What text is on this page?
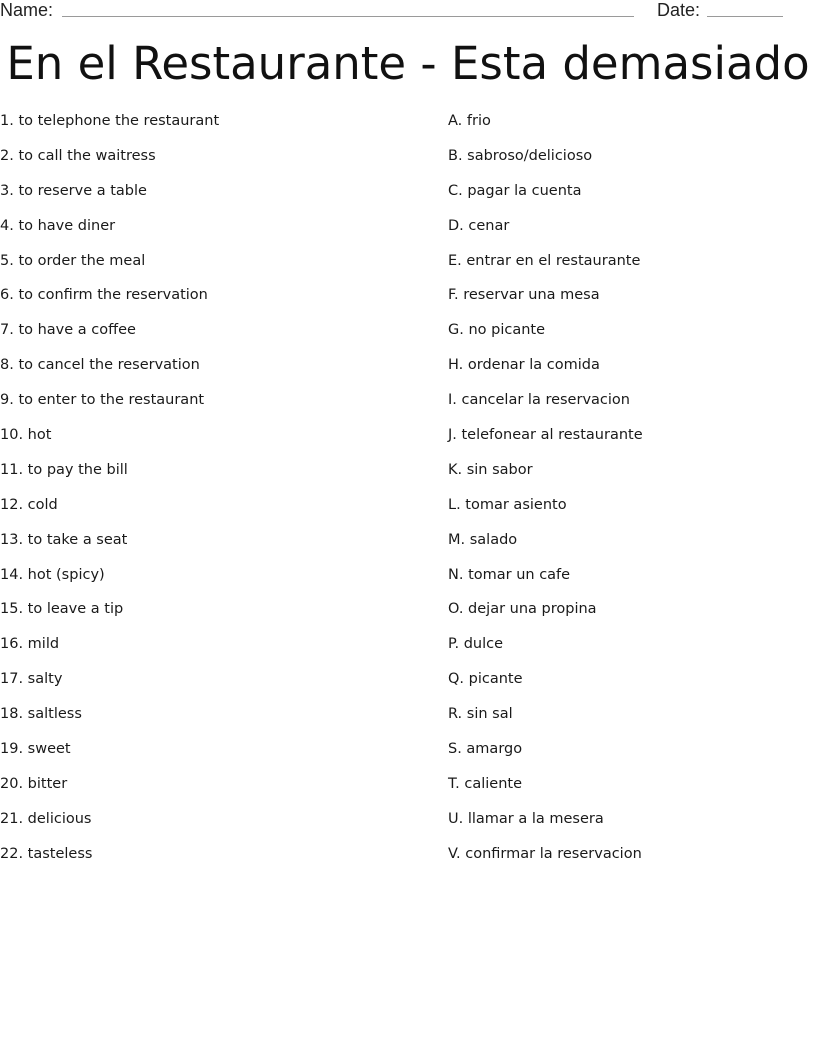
Name:	Date:
En el Restaurante - Esta demasiado
1. to telephone the restaurant
2. to call the waitress
3. to reserve a table
4. to have diner
5. to order the meal
6. to confirm the reservation
7. to have a coffee
8. to cancel the reservation
9. to enter to the restaurant
10. hot
11. to pay the bill
12. cold
13. to take a seat
14. hot (spicy)
15. to leave a tip
16. mild
17. salty
18. saltless
19. sweet
20. bitter
21. delicious
22. tasteless
A. frio
B. sabroso/delicioso
C. pagar la cuenta
D. cenar
E. entrar en el restaurante
F. reservar una mesa
G. no picante
H. ordenar la comida
I. cancelar la reservacion
J. telefonear al restaurante
K. sin sabor
L. tomar asiento
M. salado
N. tomar un cafe
O. dejar una propina
P. dulce
Q. picante
R. sin sal
S. amargo
T. caliente
U. llamar a la mesera
V. confirmar la reservacion
